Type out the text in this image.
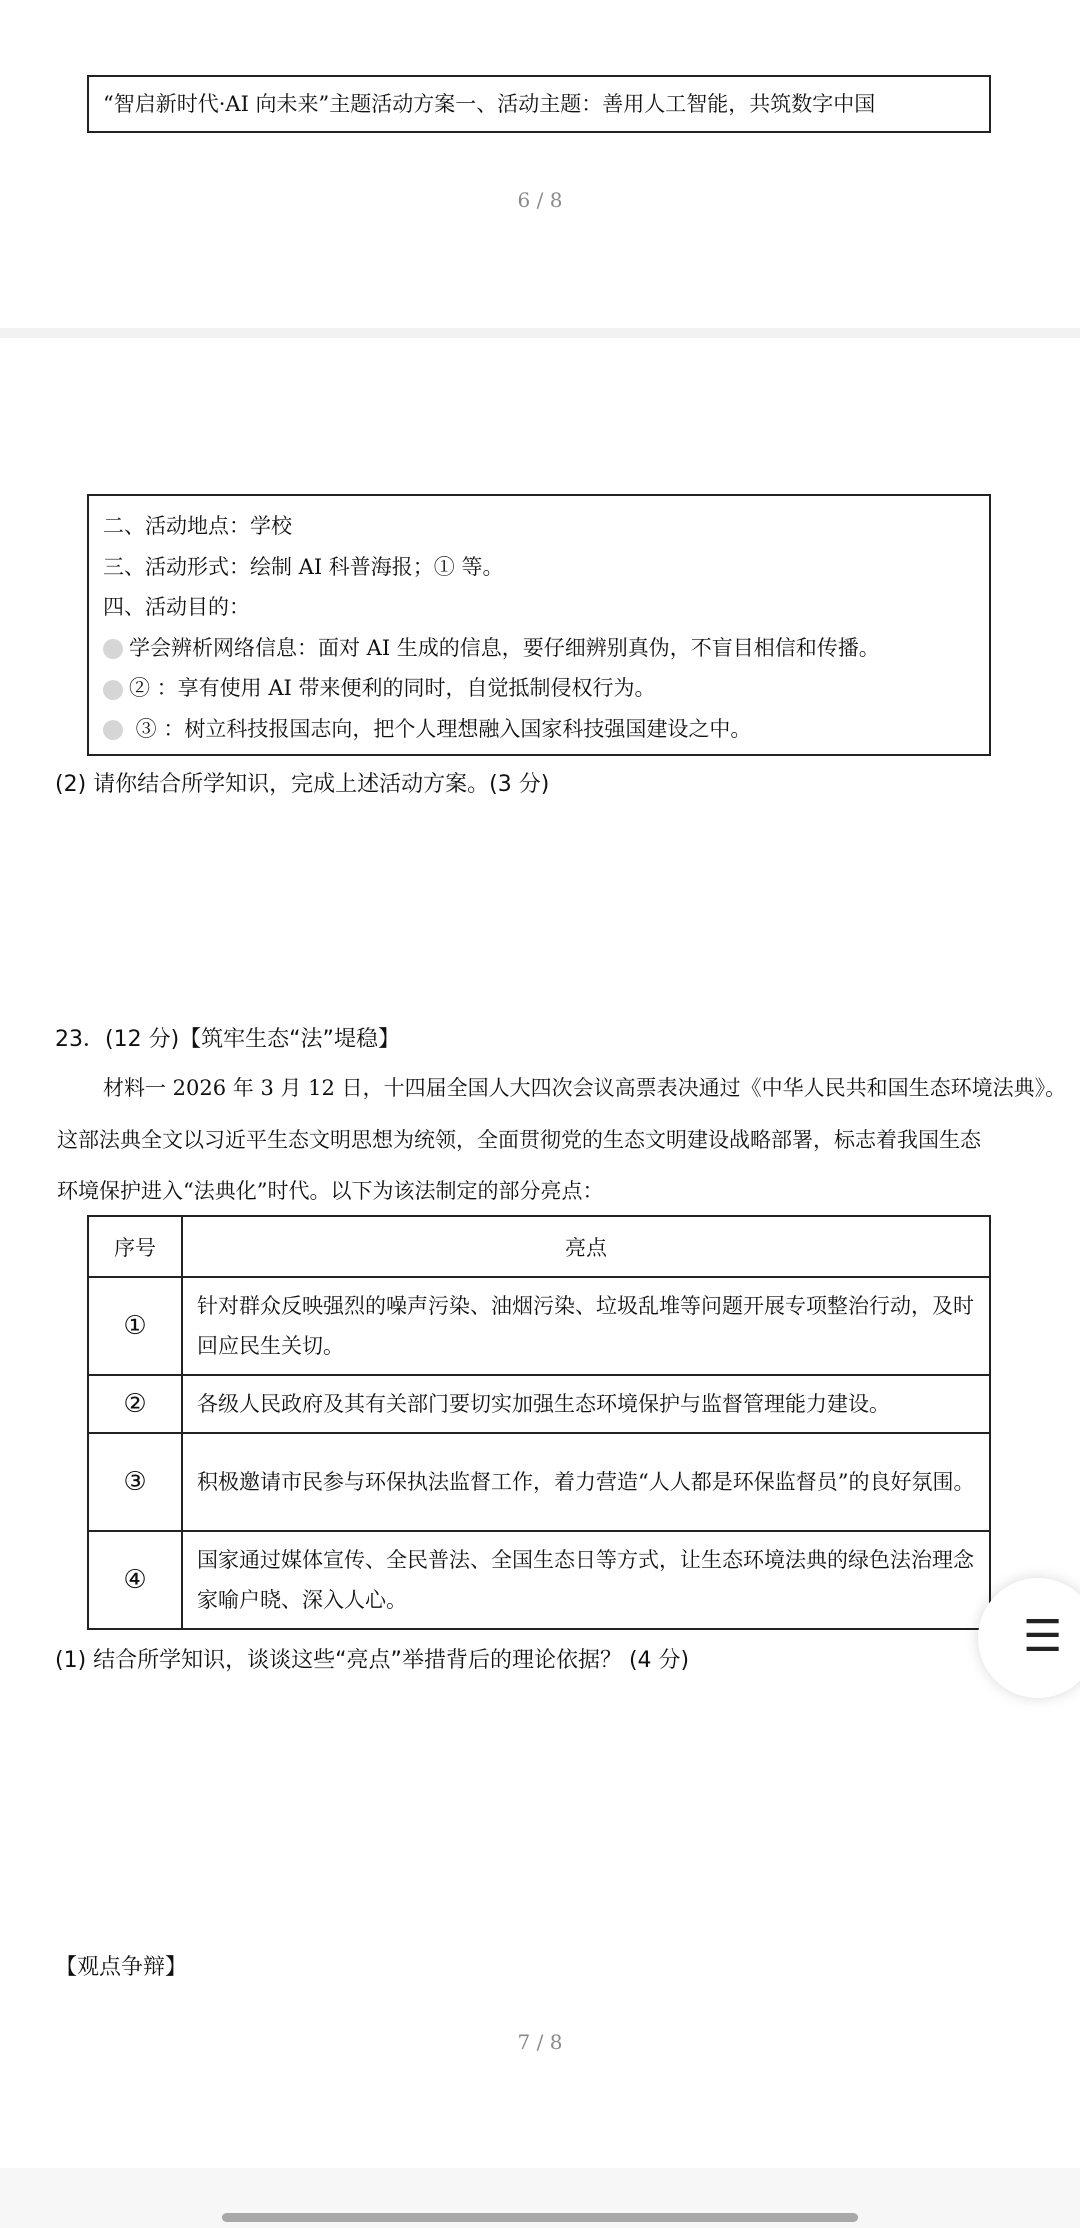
“智启新时代·AI 向未来”主题活动方案一、活动主题：善用人工智能，共筑数字中国
6 / 8
二、活动地点：学校
三、活动形式：绘制 AI 科普海报；① 等。
四、活动目的：
学会辨析网络信息：面对 AI 生成的信息，要仔细辨别真伪，不盲目相信和传播。
② ：享有使用 AI 带来便利的同时，自觉抵制侵权行为。
③ ：树立科技报国志向，把个人理想融入国家科技强国建设之中。
(2) 请你结合所学知识，完成上述活动方案。(3 分)
23．(12 分)【筑牢生态“法”堤稳】
材料一 2026 年 3 月 12 日，十四届全国人大四次会议高票表决通过《中华人民共和国生态环境法典》。
这部法典全文以习近平生态文明思想为统领，全面贯彻党的生态文明建设战略部署，标志着我国生态
环境保护进入“法典化”时代。以下为该法制定的部分亮点：
序号	亮点
①	针对群众反映强烈的噪声污染、油烟污染、垃圾乱堆等问题开展专项整治行动，及时回应民生关切。
②	各级人民政府及其有关部门要切实加强生态环境保护与监督管理能力建设。
③	积极邀请市民参与环保执法监督工作，着力营造“人人都是环保监督员”的良好氛围。
④	国家通过媒体宣传、全民普法、全国生态日等方式，让生态环境法典的绿色法治理念家喻户晓、深入人心。
(1) 结合所学知识，谈谈这些“亮点”举措背后的理论依据？ (4 分)
【观点争辩】
7 / 8
☰
